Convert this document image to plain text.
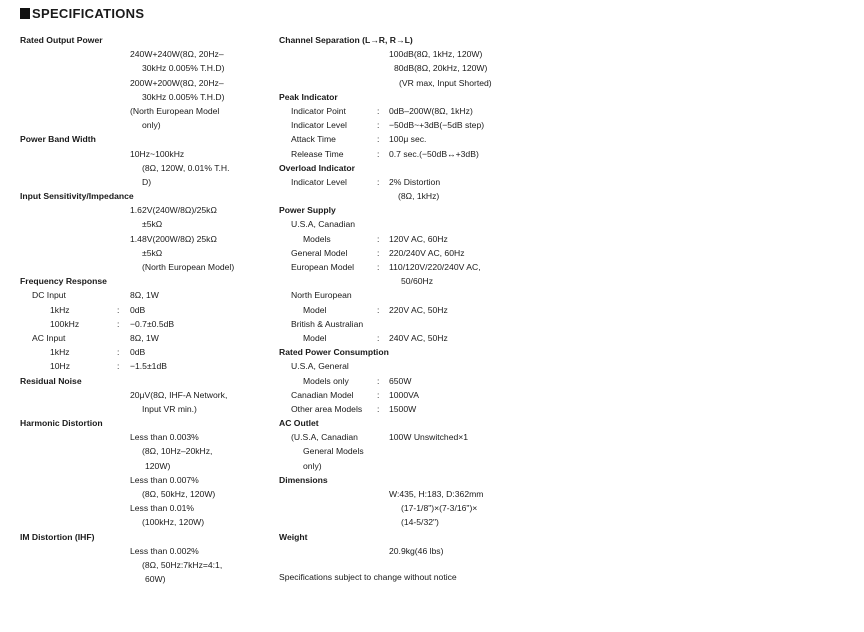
SPECIFICATIONS
Rated Output Power
240W+240W(8Ω, 20Hz–
30kHz 0.005% T.H.D)
200W+200W(8Ω, 20Hz–
30kHz 0.005% T.H.D)
(North European Model
only)
Power Band Width
10Hz~100kHz
(8Ω, 120W, 0.01% T.H.
D)
Input Sensitivity/Impedance
1.62V(240W/8Ω)/25kΩ
±5kΩ
1.48V(200W/8Ω) 25kΩ
±5kΩ
(North European Model)
Frequency Response
DC Input	8Ω, 1W
1kHz	: 0dB
100kHz	: −0.7±0.5dB
AC Input	8Ω, 1W
1kHz	: 0dB
10Hz	: −1.5±1dB
Residual Noise
20μV(8Ω, IHF-A Network,
Input VR min.)
Harmonic Distortion
Less than 0.003%
(8Ω, 10Hz–20kHz,
120W)
Less than 0.007%
(8Ω, 50kHz, 120W)
Less than 0.01%
(100kHz, 120W)
IM Distortion (IHF)
Less than 0.002%
(8Ω, 50Hz:7kHz=4:1,
60W)
Channel Separation (L→R, R→L)
100dB(8Ω, 1kHz, 120W)
80dB(8Ω, 20kHz, 120W)
(VR max, Input Shorted)
Peak Indicator
Indicator Point	: 0dB–200W(8Ω, 1kHz)
Indicator Level	: −50dB~+3dB(−5dB step)
Attack Time	: 100μ sec.
Release Time	: 0.7 sec.(−50dB↔+3dB)
Overload Indicator
Indicator Level	: 2% Distortion
(8Ω, 1kHz)
Power Supply
U.S.A, Canadian
Models	: 120V AC, 60Hz
General Model	: 220/240V AC, 60Hz
European Model	: 110/120V/220/240V AC,
50/60Hz
North European
Model	: 220V AC, 50Hz
British & Australian
Model	: 240V AC, 50Hz
Rated Power Consumption
U.S.A, General
Models only	: 650W
Canadian Model	: 1000VA
Other area Models : 1500W
AC Outlet
(U.S.A, Canadian	100W Unswitched×1
General Models
only)
Dimensions
W:435, H:183, D:362mm
(17-1/8")×(7-3/16")×
(14-5/32")
Weight
20.9kg(46 lbs)
Specifications subject to change without notice
